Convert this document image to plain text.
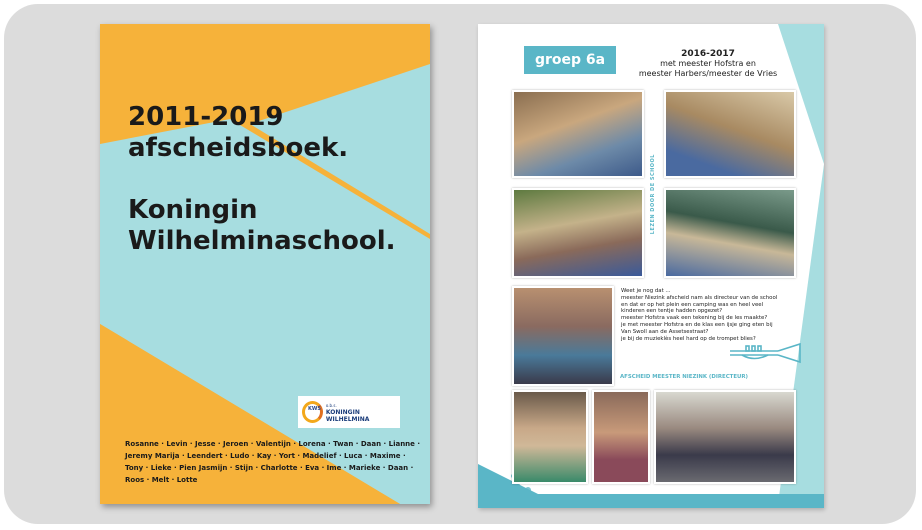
2011-2019

afscheidsboek.

Koningin

Wilhelminaschool.

KWS
o.b.s.
KONINGIN WILHELMINA
Rosanne · Levin · Jesse · Jeroen · Valentijn · Lorena · Twan · Daan · Lianne · Jeremy Marija · Leendert · Ludo · Kay · Yort · Madelief · Luca · Maxime · Tony · Lieke · Pien Jasmijn · Stijn · Charlotte · Eva · Ime · Marieke · Daan · Roos · Melt · Lotte
groep 6a	2016-2017
met meester Hofstra en
meester Harbers/meester de Vries
LEZEN DOOR DE SCHOOL

Weet je nog dat ...

meester Niezink afscheid nam als directeur van de school

en dat er op het plein een camping was en heel veel

kinderen een tentje hadden opgezet?

meester Hofstra vaak een tekening bij de les maakte?

je met meester Hofstra en de klas een ijsje ging eten bij

Van Swoll aan de Assetsestraat?

je bij de muzieklès heel hard op de trompet blies?

AFSCHEID MEESTER NIEZINK (DIRECTEUR)
